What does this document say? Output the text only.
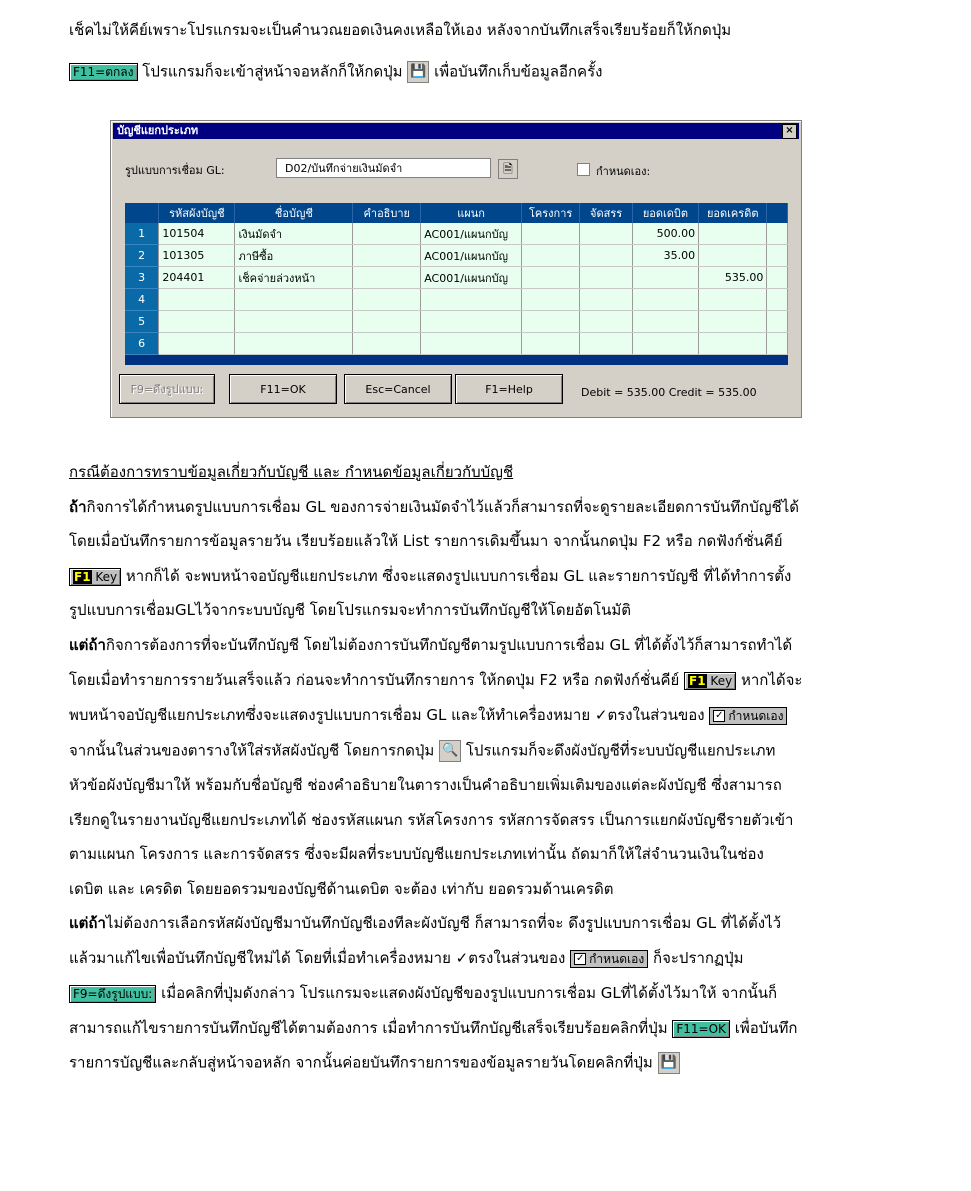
เช็คไม่ให้คีย์เพราะโปรแกรมจะเป็นคำนวณยอดเงินคงเหลือให้เอง หลังจากบันทึกเสร็จเรียบร้อยก็ให้กดปุ่ม
F11=ตกลง โปรแกรมก็จะเข้าสู่หน้าจอหลักก็ให้กดปุ่ม 💾 เพื่อบันทึกเก็บข้อมูลอีกครั้ง
บัญชีแยกประเภท	×
รูปแบบการเชื่อม GL:	D02/บันทึกจ่ายเงินมัดจำ	🗎	กำหนดเอง:
	รหัสผังบัญชี	ชื่อบัญชี	คำอธิบาย	แผนก	โครงการ	จัดสรร	ยอดเดบิต	ยอดเครดิต	
1	101504	เงินมัดจำ		AC001/แผนกบัญ			500.00		
2	101305	ภาษีซื้อ		AC001/แผนกบัญ			35.00		
3	204401	เช็คจ่ายล่วงหน้า		AC001/แผนกบัญ				535.00	
4									
5									
6									
F9=ดึงรูปแบบ:	F11=OK	Esc=Cancel	F1=Help	Debit = 535.00 Credit = 535.00
กรณีต้องการทราบข้อมูลเกี่ยวกับบัญชี และ กำหนดข้อมูลเกี่ยวกับบัญชี
ถ้ากิจการได้กำหนดรูปแบบการเชื่อม GL ของการจ่ายเงินมัดจำไว้แล้วก็สามารถที่จะดูรายละเอียดการบันทึกบัญชีได้
โดยเมื่อบันทึกรายการข้อมูลรายวัน เรียบร้อยแล้วให้ List รายการเดิมขึ้นมา จากนั้นกดปุ่ม F2 หรือ กดฟังก์ชั่นคีย์
F1 Key หากก็ได้ จะพบหน้าจอบัญชีแยกประเภท ซึ่งจะแสดงรูปแบบการเชื่อม GL และรายการบัญชี ที่ได้ทำการตั้ง
รูปแบบการเชื่อมGLไว้จากระบบบัญชี โดยโปรแกรมจะทำการบันทึกบัญชีให้โดยอัตโนมัติ
แต่ถ้ากิจการต้องการที่จะบันทึกบัญชี โดยไม่ต้องการบันทึกบัญชีตามรูปแบบการเชื่อม GL ที่ได้ตั้งไว้ก็สามารถทำได้
โดยเมื่อทำรายการรายวันเสร็จแล้ว ก่อนจะทำการบันทึกรายการ ให้กดปุ่ม F2 หรือ กดฟังก์ชั่นคีย์ F1 Key หากได้จะ
พบหน้าจอบัญชีแยกประเภทซึ่งจะแสดงรูปแบบการเชื่อม GL และให้ทำเครื่องหมาย ✓ตรงในส่วนของ ✓ กำหนดเอง
จากนั้นในส่วนของตารางให้ใส่รหัสผังบัญชี โดยการกดปุ่ม 🔍 โปรแกรมก็จะดึงผังบัญชีที่ระบบบัญชีแยกประเภท
หัวข้อผังบัญชีมาให้ พร้อมกับชื่อบัญชี ช่องคำอธิบายในตารางเป็นคำอธิบายเพิ่มเติมของแต่ละผังบัญชี ซึ่งสามารถ
เรียกดูในรายงานบัญชีแยกประเภทได้ ช่องรหัสแผนก รหัสโครงการ รหัสการจัดสรร เป็นการแยกผังบัญชีรายตัวเข้า
ตามแผนก โครงการ และการจัดสรร ซึ่งจะมีผลที่ระบบบัญชีแยกประเภทเท่านั้น ถัดมาก็ให้ใส่จำนวนเงินในช่อง
เดบิต และ เครดิต โดยยอดรวมของบัญชีด้านเดบิต จะต้อง เท่ากับ ยอดรวมด้านเครดิต
แต่ถ้าไม่ต้องการเลือกรหัสผังบัญชีมาบันทึกบัญชีเองทีละผังบัญชี ก็สามารถที่จะ ดึงรูปแบบการเชื่อม GL ที่ได้ตั้งไว้
แล้วมาแก้ไขเพื่อบันทึกบัญชีใหม่ได้ โดยที่เมื่อทำเครื่องหมาย ✓ตรงในส่วนของ ✓ กำหนดเอง ก็จะปรากฏปุ่ม
F9=ดึงรูปแบบ: เมื่อคลิกที่ปุ่มดังกล่าว โปรแกรมจะแสดงผังบัญชีของรูปแบบการเชื่อม GLที่ได้ตั้งไว้มาให้ จากนั้นก็
สามารถแก้ไขรายการบันทึกบัญชีได้ตามต้องการ เมื่อทำการบันทึกบัญชีเสร็จเรียบร้อยคลิกที่ปุ่ม F11=OK เพื่อบันทึก
รายการบัญชีและกลับสู่หน้าจอหลัก จากนั้นค่อยบันทึกรายการของข้อมูลรายวันโดยคลิกที่ปุ่ม 💾
